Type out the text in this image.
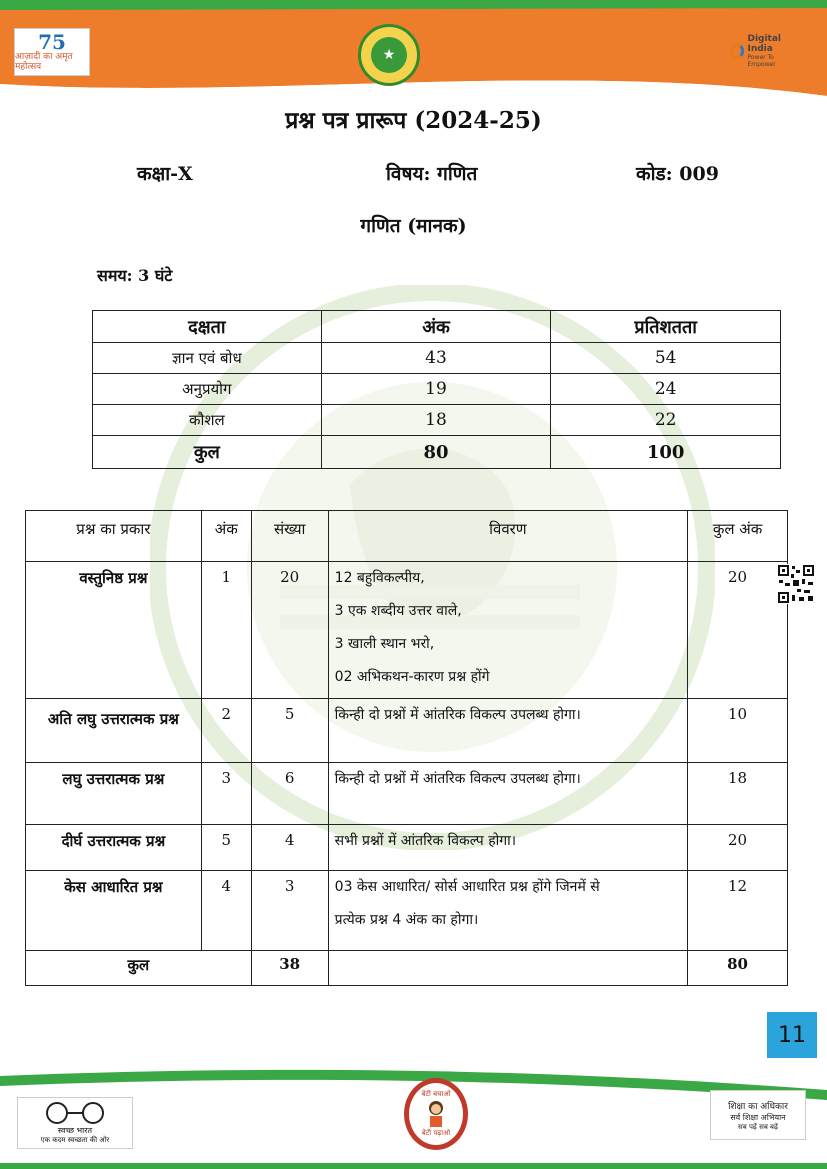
75
आज़ादी का अमृत महोत्सव
★
Digital India
Power To Empower
प्रश्न पत्र प्रारूप (2024-25)
कक्षा-X	विषय: गणित	कोड: 009
गणित (मानक)
समय: 3 घंटे
दक्षता	अंक	प्रतिशतता
ज्ञान एवं बोध	43	54
अनुप्रयोग	19	24
कौशल	18	22
कुल	80	100
प्रश्न का प्रकार	अंक	संख्या	विवरण	कुल अंक
वस्तुनिष्ठ प्रश्न	1	20	12 बहुविकल्पीय,
3 एक शब्दीय उत्तर वाले,
3 खाली स्थान भरो,
02 अभिकथन-कारण प्रश्न होंगे	20
अति लघु उत्तरात्मक प्रश्न	2	5	किन्ही दो प्रश्नों में आंतरिक विकल्प उपलब्ध होगा।	10
लघु उत्तरात्मक प्रश्न	3	6	किन्ही दो प्रश्नों में आंतरिक विकल्प उपलब्ध होगा।	18
दीर्घ उत्तरात्मक प्रश्न	5	4	सभी प्रश्नों में आंतरिक विकल्प होगा।	20
केस आधारित प्रश्न	4	3	03 केस आधारित/ सोर्स आधारित प्रश्न होंगे जिनमें से
प्रत्येक प्रश्न 4 अंक का होगा।	12
कुल		38		80
11
स्वच्छ भारत
एक कदम स्वच्छता की ओर
बेटी बचाओ
बेटी पढ़ाओ
शिक्षा का अधिकार
सर्व शिक्षा अभियान
सब पढ़ें सब बढ़ें
